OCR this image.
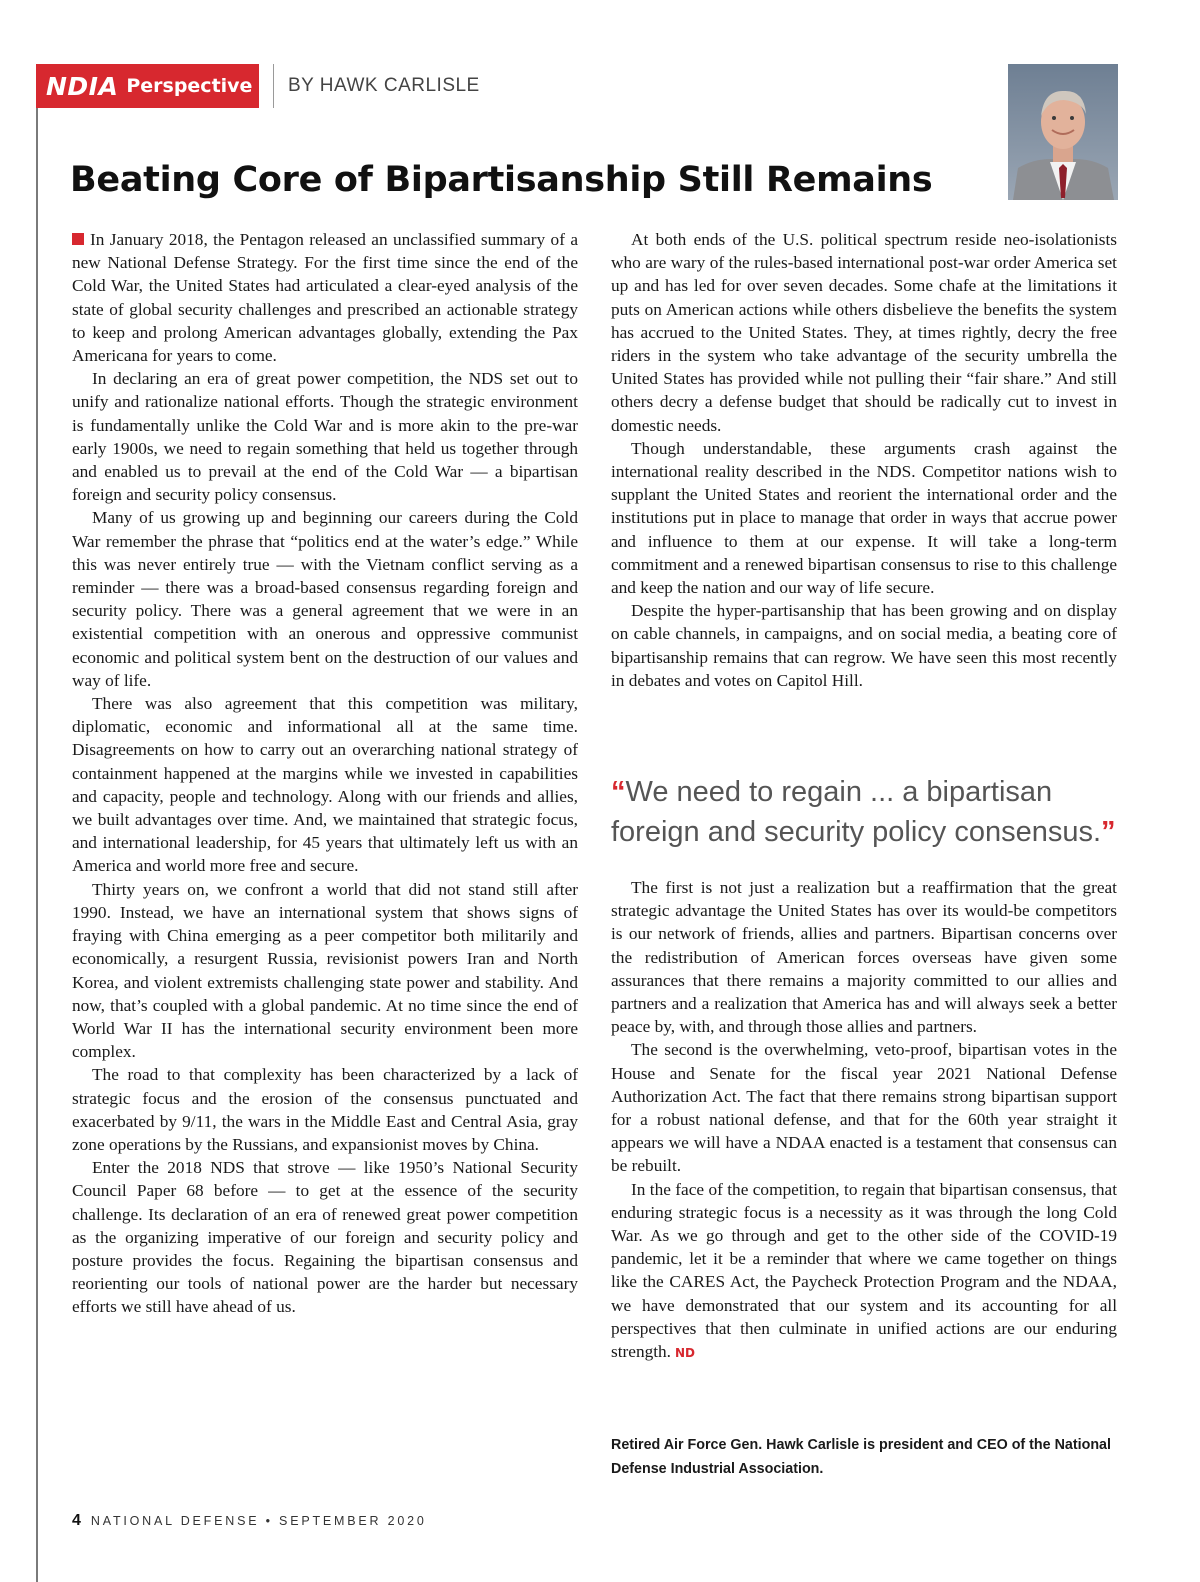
NDIA Perspective	BY HAWK CARLISLE
Beating Core of Bipartisanship Still Remains

In January 2018, the Pentagon released an unclassified summary of a new National Defense Strategy. For the first time since the end of the Cold War, the United States had articulated a clear-eyed analysis of the state of global security challenges and prescribed an actionable strategy to keep and prolong American advantages globally, extending the Pax Americana for years to come.

In declaring an era of great power competition, the NDS set out to unify and rationalize national efforts. Though the strategic environment is fundamentally unlike the Cold War and is more akin to the pre-war early 1900s, we need to regain something that held us together through and enabled us to prevail at the end of the Cold War — a bipartisan foreign and security policy consensus.

Many of us growing up and beginning our careers during the Cold War remember the phrase that “politics end at the water’s edge.” While this was never entirely true — with the Vietnam conflict serving as a reminder — there was a broad-based consensus regarding foreign and security policy. There was a general agreement that we were in an existential competition with an onerous and oppressive communist economic and political system bent on the destruction of our values and way of life.

There was also agreement that this competition was military, diplomatic, economic and informational all at the same time. Disagreements on how to carry out an overarching national strategy of containment happened at the margins while we invested in capabilities and capacity, people and technology. Along with our friends and allies, we built advantages over time. And, we maintained that strategic focus, and international leadership, for 45 years that ultimately left us with an America and world more free and secure.

Thirty years on, we confront a world that did not stand still after 1990. Instead, we have an international system that shows signs of fraying with China emerging as a peer competitor both militarily and economically, a resurgent Russia, revisionist powers Iran and North Korea, and violent extremists challenging state power and stability. And now, that’s coupled with a global pandemic. At no time since the end of World War II has the international security environment been more complex.

The road to that complexity has been characterized by a lack of strategic focus and the erosion of the consensus punctuated and exacerbated by 9/11, the wars in the Middle East and Central Asia, gray zone operations by the Russians, and expansionist moves by China.

Enter the 2018 NDS that strove — like 1950’s National Security Council Paper 68 before — to get at the essence of the security challenge. Its declaration of an era of renewed great power competition as the organizing imperative of our foreign and security policy and posture provides the focus. Regaining the bipartisan consensus and reorienting our tools of national power are the harder but necessary efforts we still have ahead of us.

At both ends of the U.S. political spectrum reside neo-isolationists who are wary of the rules-based international post-war order America set up and has led for over seven decades. Some chafe at the limitations it puts on American actions while others disbelieve the benefits the system has accrued to the United States. They, at times rightly, decry the free riders in the system who take advantage of the security umbrella the United States has provided while not pulling their “fair share.” And still others decry a defense budget that should be radically cut to invest in domestic needs.

Though understandable, these arguments crash against the international reality described in the NDS. Competitor nations wish to supplant the United States and reorient the international order and the institutions put in place to manage that order in ways that accrue power and influence to them at our expense. It will take a long-term commitment and a renewed bipartisan consensus to rise to this challenge and keep the nation and our way of life secure.

Despite the hyper-partisanship that has been growing and on display on cable channels, in campaigns, and on social media, a beating core of bipartisanship remains that can regrow. We have seen this most recently in debates and votes on Capitol Hill.

“We need to regain ... a bipartisan foreign and security policy consensus.”

The first is not just a realization but a reaffirmation that the great strategic advantage the United States has over its would-be competitors is our network of friends, allies and partners. Bipartisan concerns over the redistribution of American forces overseas have given some assurances that there remains a majority committed to our allies and partners and a realization that America has and will always seek a better peace by, with, and through those allies and partners.

The second is the overwhelming, veto-proof, bipartisan votes in the House and Senate for the fiscal year 2021 National Defense Authorization Act. The fact that there remains strong bipartisan support for a robust national defense, and that for the 60th year straight it appears we will have a NDAA enacted is a testament that consensus can be rebuilt.

In the face of the competition, to regain that bipartisan consensus, that enduring strategic focus is a necessity as it was through the long Cold War. As we go through and get to the other side of the COVID-19 pandemic, let it be a reminder that where we came together on things like the CARES Act, the Paycheck Protection Program and the NDAA, we have demonstrated that our system and its accounting for all perspectives that then culminate in unified actions are our enduring strength. ND

Retired Air Force Gen. Hawk Carlisle is president and CEO of the National Defense Industrial Association.
4 NATIONAL DEFENSE • SEPTEMBER 2020
